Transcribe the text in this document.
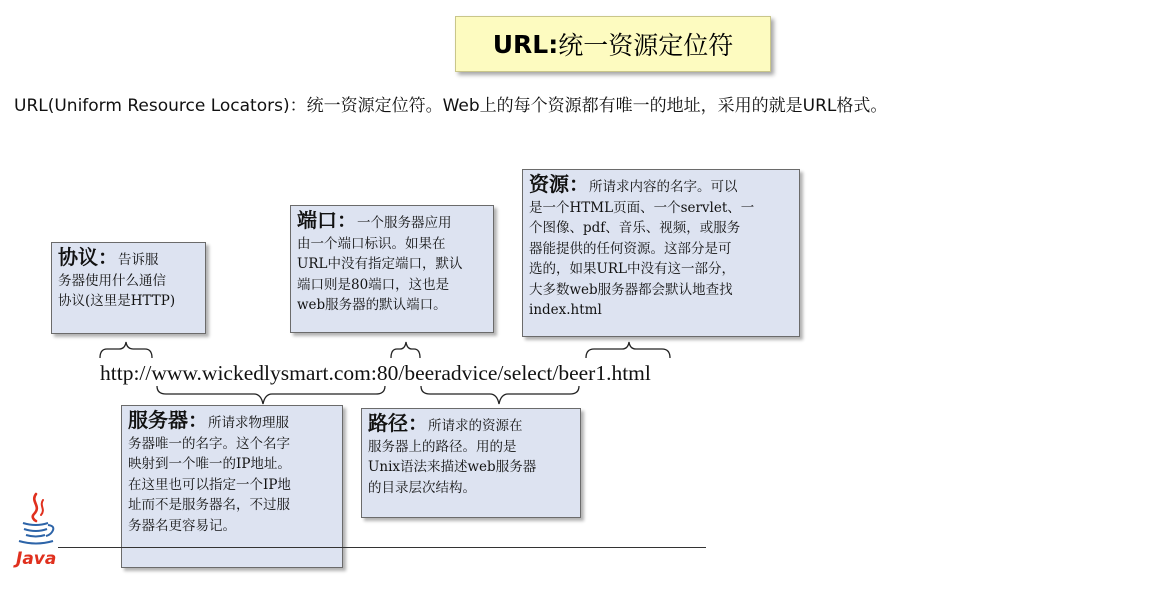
URL: 统一资源定位符
URL(Uniform Resource Locators)：统一资源定位符。Web上的每个资源都有唯一的地址，采用的就是URL格式。
协议：告诉服
务器使用什么通信
协议(这里是HTTP)
端口：一个服务器应用
由一个端口标识。如果在
URL中没有指定端口，默认
端口则是80端口，这也是
web服务器的默认端口。
资源：所请求内容的名字。可以
是一个HTML页面、一个servlet、一
个图像、pdf、音乐、视频，或服务
器能提供的任何资源。这部分是可
选的，如果URL中没有这一部分，
大多数web服务器都会默认地查找
index.html
服务器：所请求物理服
务器唯一的名字。这个名字
映射到一个唯一的IP地址。
在这里也可以指定一个IP地
址而不是服务器名，不过服
务器名更容易记。
路径：所请求的资源在
服务器上的路径。用的是
Unix语法来描述web服务器
的目录层次结构。
http://www.wickedlysmart.com:80/beeradvice/select/beer1.html
Java
